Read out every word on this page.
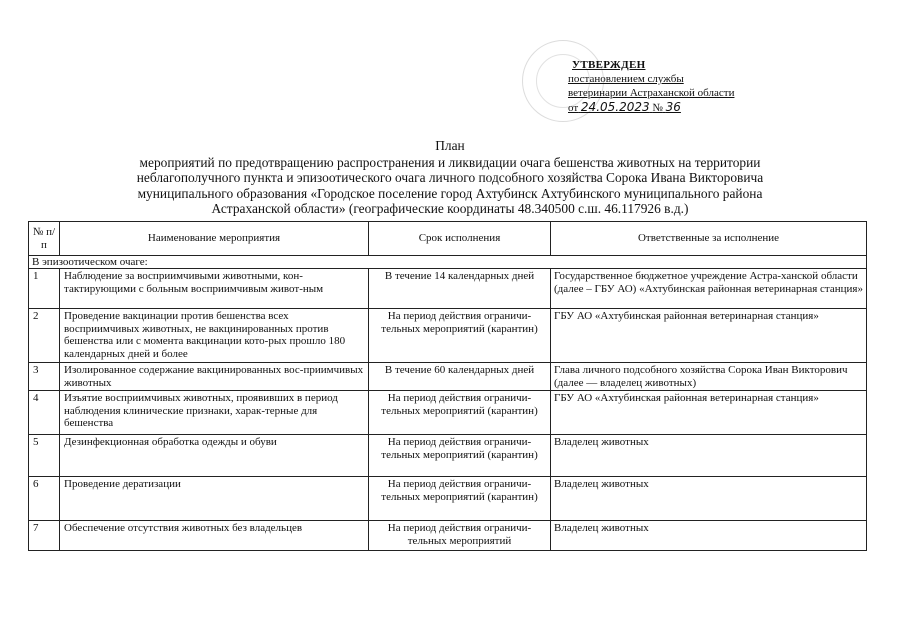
УТВЕРЖДЕН
постановлением службы
ветеринарии Астраханской области
от 24.05.2023 № 36
План
мероприятий по предотвращению распространения и ликвидации очага бешенства животных на территории
неблагополучного пункта и эпизоотического очага личного подсобного хозяйства Сорока Ивана Викторовича
муниципального образования «Городское поселение город Ахтубинск Ахтубинского муниципального района
Астраханской области» (географические координаты 48.340500 с.ш. 46.117926 в.д.)
№ п/п	Наименование мероприятия	Срок исполнения	Ответственные за исполнение
В эпизоотическом очаге:			
1	Наблюдение за восприимчивыми животными, кон-тактирующими с больным восприимчивым живот-ным	В течение 14 календарных дней	Государственное бюджетное учреждение Астра-ханской области (далее – ГБУ АО) «Ахтубинская районная ветеринарная станция»
2	Проведение вакцинации против бешенства всех восприимчивых животных, не вакцинированных против бешенства или с момента вакцинации кото-рых прошло 180 календарных дней и более	На период действия ограничи-тельных мероприятий (карантин)	ГБУ АО «Ахтубинская районная ветеринарная станция»
3	Изолированное содержание вакцинированных вос-приимчивых животных	В течение 60 календарных дней	Глава личного подсобного хозяйства Сорока Иван Викторович (далее — владелец животных)
4	Изъятие восприимчивых животных, проявивших в период наблюдения клинические признаки, харак-терные для бешенства	На период действия ограничи-тельных мероприятий (карантин)	ГБУ АО «Ахтубинская районная ветеринарная станция»
5	Дезинфекционная обработка одежды и обуви	На период действия ограничи-тельных мероприятий (карантин)	Владелец животных
6	Проведение дератизации	На период действия ограничи-тельных мероприятий (карантин)	Владелец животных
7	Обеспечение отсутствия животных без владельцев	На период действия ограничи-тельных мероприятий	Владелец животных
